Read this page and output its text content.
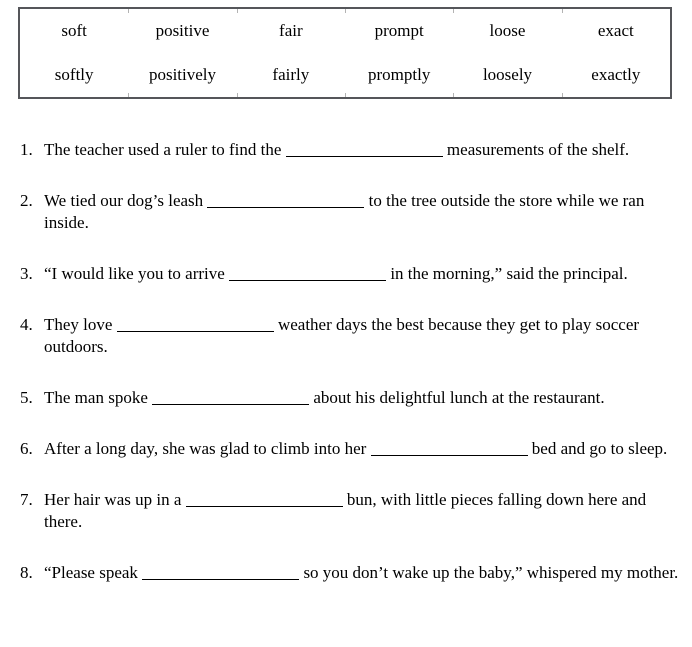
soft	positive	fair	prompt	loose	exact
softly	positively	fairly	promptly	loosely	exactly
1. The teacher used a ruler to find the	measurements of the shelf.
2. We tied our dog’s leash	to the tree outside the store while we ran inside.
3. “I would like you to arrive	in the morning,” said the principal.
4. They love	weather days the best because they get to play soccer outdoors.
5. The man spoke	about his delightful lunch at the restaurant.
6. After a long day, she was glad to climb into her	bed and go to sleep.
7. Her hair was up in a	bun, with little pieces falling down here and there.
8. “Please speak	so you don’t wake up the baby,” whispered my mother.
